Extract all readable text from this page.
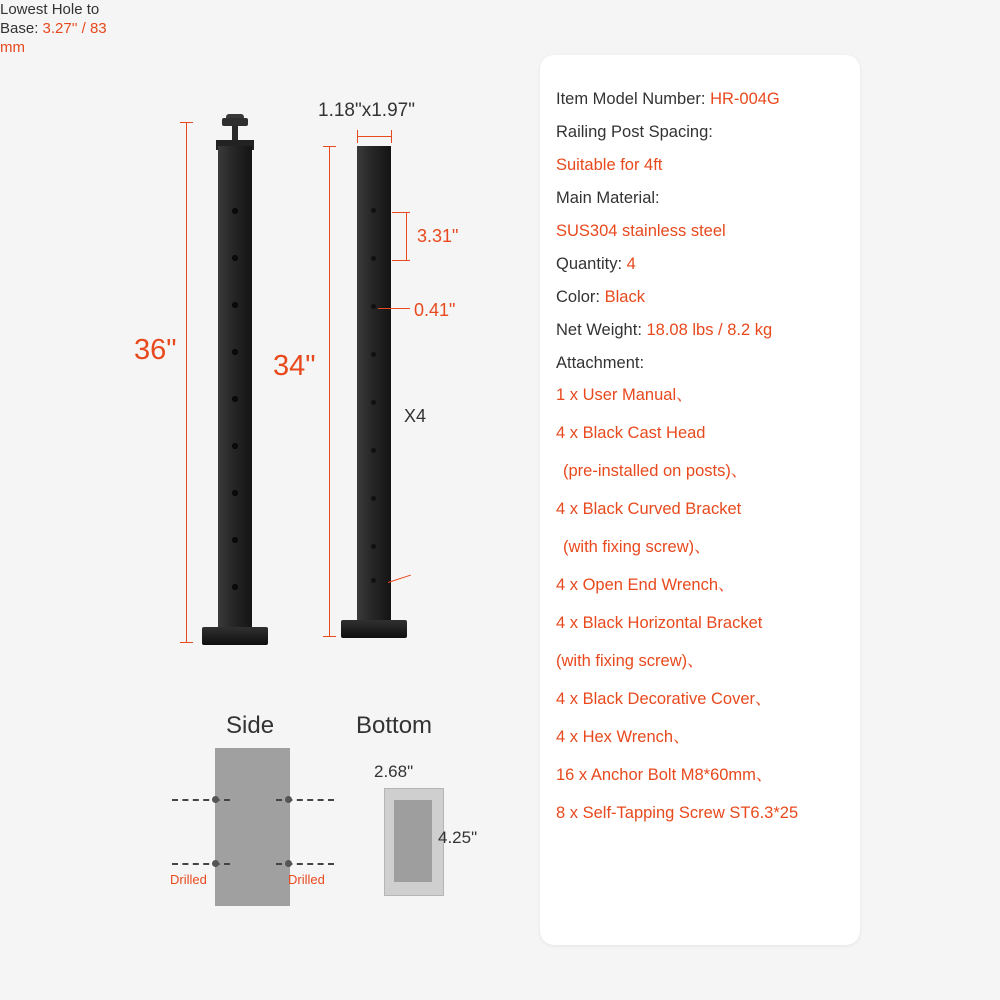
36"	34"
1.18"x1.97"
3.31"
0.41"
X4
Lowest Hole to Base: 3.27'' / 83 mm
Side
Drilled	Drilled
Bottom
2.68"
4.25"
Item Model Number: HR-004G
Railing Post Spacing:
Suitable for 4ft
Main Material:
SUS304 stainless steel
Quantity: 4
Color: Black
Net Weight: 18.08 lbs / 8.2 kg
Attachment:
1 x User Manual、
4 x Black Cast Head
(pre-installed on posts)、
4 x Black Curved Bracket
(with fixing screw)、
4 x Open End Wrench、
4 x Black Horizontal Bracket
(with fixing screw)、
4 x Black Decorative Cover、
4 x Hex Wrench、
16 x Anchor Bolt M8*60mm、
8 x Self-Tapping Screw ST6.3*25
